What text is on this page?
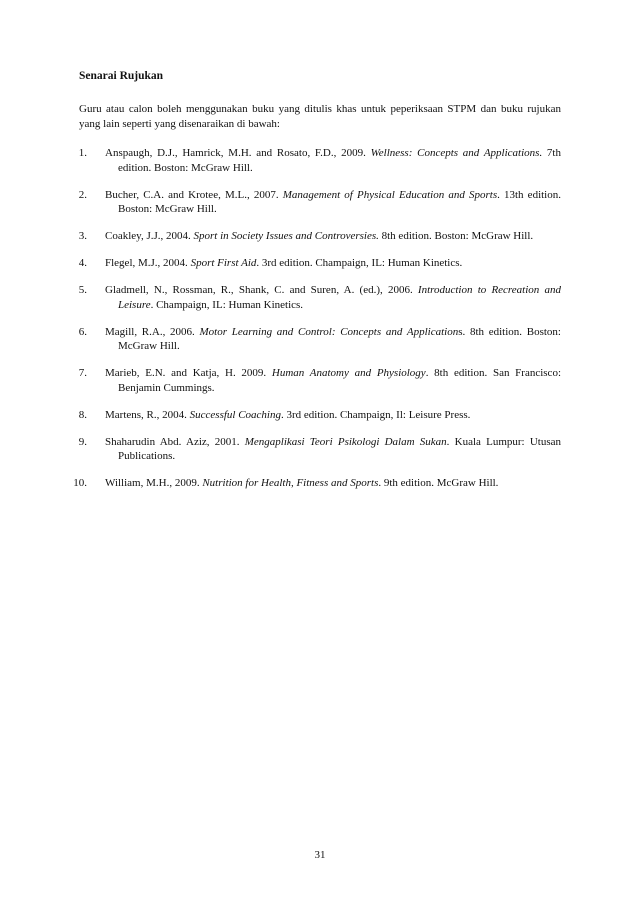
Senarai Rujukan
Guru atau calon boleh menggunakan buku yang ditulis khas untuk peperiksaan STPM dan buku rujukan yang lain seperti yang disenaraikan di bawah:
1. Anspaugh, D.J., Hamrick, M.H. and Rosato, F.D., 2009. Wellness: Concepts and Applications. 7th edition. Boston: McGraw Hill.
2. Bucher, C.A. and Krotee, M.L., 2007. Management of Physical Education and Sports. 13th edition. Boston: McGraw Hill.
3. Coakley, J.J., 2004. Sport in Society Issues and Controversies. 8th edition. Boston: McGraw Hill.
4. Flegel, M.J., 2004. Sport First Aid. 3rd edition. Champaign, IL: Human Kinetics.
5. Gladmell, N., Rossman, R., Shank, C. and Suren, A. (ed.), 2006. Introduction to Recreation and Leisure. Champaign, IL: Human Kinetics.
6. Magill, R.A., 2006. Motor Learning and Control: Concepts and Applications. 8th edition. Boston: McGraw Hill.
7. Marieb, E.N. and Katja, H. 2009. Human Anatomy and Physiology. 8th edition. San Francisco: Benjamin Cummings.
8. Martens, R., 2004. Successful Coaching. 3rd edition. Champaign, Il: Leisure Press.
9. Shaharudin Abd. Aziz, 2001. Mengaplikasi Teori Psikologi Dalam Sukan. Kuala Lumpur: Utusan Publications.
10. William, M.H., 2009. Nutrition for Health, Fitness and Sports. 9th edition. McGraw Hill.
31
